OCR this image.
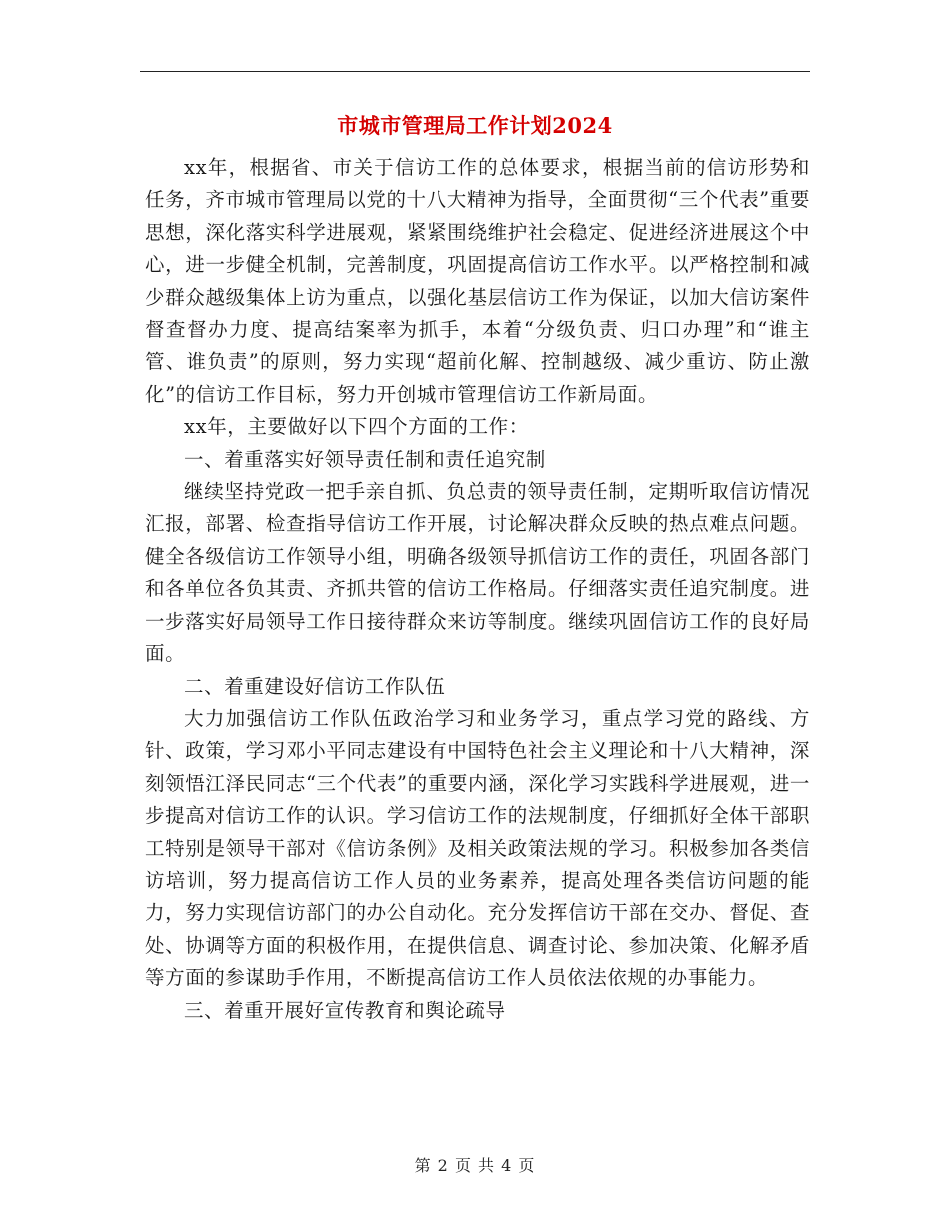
市城市管理局工作计划2024

xx年，根据省、市关于信访工作的总体要求，根据当前的信访形势和任务，齐市城市管理局以党的十八大精神为指导，全面贯彻“三个代表”重要思想，深化落实科学进展观，紧紧围绕维护社会稳定、促进经济进展这个中心，进一步健全机制，完善制度，巩固提高信访工作水平。以严格控制和减少群众越级集体上访为重点，以强化基层信访工作为保证，以加大信访案件督查督办力度、提高结案率为抓手，本着“分级负责、归口办理”和“谁主管、谁负责”的原则，努力实现“超前化解、控制越级、减少重访、防止激化”的信访工作目标，努力开创城市管理信访工作新局面。

xx年，主要做好以下四个方面的工作：

一、着重落实好领导责任制和责任追究制

继续坚持党政一把手亲自抓、负总责的领导责任制，定期听取信访情况汇报，部署、检查指导信访工作开展，讨论解决群众反映的热点难点问题。健全各级信访工作领导小组，明确各级领导抓信访工作的责任，巩固各部门和各单位各负其责、齐抓共管的信访工作格局。仔细落实责任追究制度。进一步落实好局领导工作日接待群众来访等制度。继续巩固信访工作的良好局面。

二、着重建设好信访工作队伍

大力加强信访工作队伍政治学习和业务学习，重点学习党的路线、方针、政策，学习邓小平同志建设有中国特色社会主义理论和十八大精神，深刻领悟江泽民同志“三个代表”的重要内涵，深化学习实践科学进展观，进一步提高对信访工作的认识。学习信访工作的法规制度，仔细抓好全体干部职工特别是领导干部对《信访条例》及相关政策法规的学习。积极参加各类信访培训，努力提高信访工作人员的业务素养，提高处理各类信访问题的能力，努力实现信访部门的办公自动化。充分发挥信访干部在交办、督促、查处、协调等方面的积极作用，在提供信息、调查讨论、参加决策、化解矛盾等方面的参谋助手作用，不断提高信访工作人员依法依规的办事能力。

三、着重开展好宣传教育和舆论疏导

第 2 页 共 4 页
